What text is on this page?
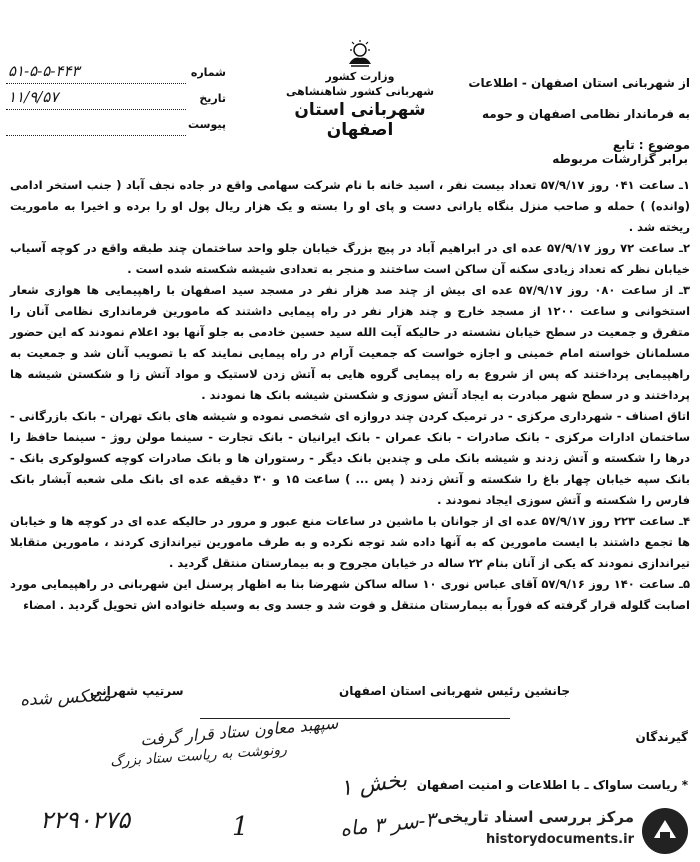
از شهربانی استان اصفهان - اطلاعات
به فرماندار نظامی اصفهان و حومه
موضوع : تابع
وزارت کشور
شهربانی کشور شاهنشاهی
شهربانی استان اصفهان
شماره
۵۱-۵-۵-۴۴۳
تاریخ
۱۱/۹/۵۷
پیوست
برابر گزارشات مربوطه

۱ـ ساعت ۰۴۱ روز ۵۷/۹/۱۷ تعداد بیست نفر ، اسید خانه با نام شرکت سهامی واقع در جاده نجف آباد ( جنب استخر ادامی (وانده) ) حمله و صاحب منزل بنگاه یارانی دست و پای او را بسته و یک هزار ریال پول او را برده و اخیرا به ماموریت ریخته شد .

۲ـ ساعت ۷۲ روز ۵۷/۹/۱۷ عده ای در ابراهیم آباد در پیچ بزرگ خیابان جلو واحد ساختمان چند طبقه واقع در کوچه آسیاب خیابان نظر که تعداد زیادی سکنه آن ساکن است ساختند و منجر به تعدادی شیشه شکسته شده است .

۳ـ از ساعت ۰۸۰ روز ۵۷/۹/۱۷ عده ای بیش از چند صد هزار نفر در مسجد سید اصفهان با راهپیمایی ها هوازی شعار استخوانی و ساعت ۱۲۰۰ از مسجد خارج و چند هزار نفر در راه پیمایی داشتند که مامورین فرمانداری نظامی آنان را متفرق و جمعیت در سطح خیابان نشسته در حالیکه آیت الله سید حسین خادمی به جلو آنها بود اعلام نمودند که این حضور مسلمانان خواسته امام خمینی و اجازه خواست که جمعیت آرام در راه پیمایی نمایند که با تصویب آنان شد و جمعیت به راهپیمایی پرداختند که پس از شروع به راه پیمایی گروه هایی به آتش زدن لاستیک و مواد آتش زا و شکستن شیشه ها پرداختند و در سطح شهر مبادرت به ایجاد آتش سوزی و شکستن شیشه بانک ها نمودند .

اتاق اصناف - شهرداری مرکزی - در ترمیک کردن چند دروازه ای شخصی نموده و شیشه های بانک تهران - بانک بازرگانی - ساختمان ادارات مرکزی - بانک صادرات - بانک عمران - بانک ایرانیان - بانک تجارت - سینما مولن روژ - سینما حافظ را درها را شکسته و آتش زدند و شیشه بانک ملی و چندین بانک دیگر - رستوران ها و بانک صادرات کوچه کسولوکری بانک - بانک سپه خیابان چهار باغ را شکسته و آتش زدند ( پس ... ) ساعت ۱۵ و ۳۰ دقیقه عده ای بانک ملی شعبه آبشار بانک فارس را شکسته و آتش سوزی ایجاد نمودند .

۴ـ ساعت ۲۲۳ روز ۵۷/۹/۱۷ عده ای از جوانان با ماشین در ساعات منع عبور و مرور در حالیکه عده ای در کوچه ها و خیابان ها تجمع داشتند با ایست مامورین که به آنها داده شد توجه نکرده و به طرف مامورین تیراندازی کردند ، مامورین متقابلا تیراندازی نمودند که یکی از آنان بنام ۲۲ ساله در خیابان مجروح و به بیمارستان منتقل گردید .

۵ـ ساعت ۱۴۰ روز ۵۷/۹/۱۶ آقای عباس نوری ۱۰ ساله ساکن شهرضا بنا به اظهار پرسنل این شهربانی در راهپیمایی مورد اصابت گلوله قرار گرفته که فوراً به بیمارستان منتقل و فوت شد و جسد وی به وسیله خانواده اش تحویل گردید . امضاء

جانشین رئیس شهربانی استان اصفهان
سرتیپ شهرانی
گیرندگان
* ریاست ساواک ـ با اطلاعات و امنیت اصفهان
منعکس شده
سپهبد معاون ستاد قرار گرفت
رونوشت به ریاست ستاد بزرگ
بخش ۱
۳-سر ۳ ماه
۲۲۹۰۲۷۵	1	مرکز بررسی اسناد تاریخی
historydocuments.ir
